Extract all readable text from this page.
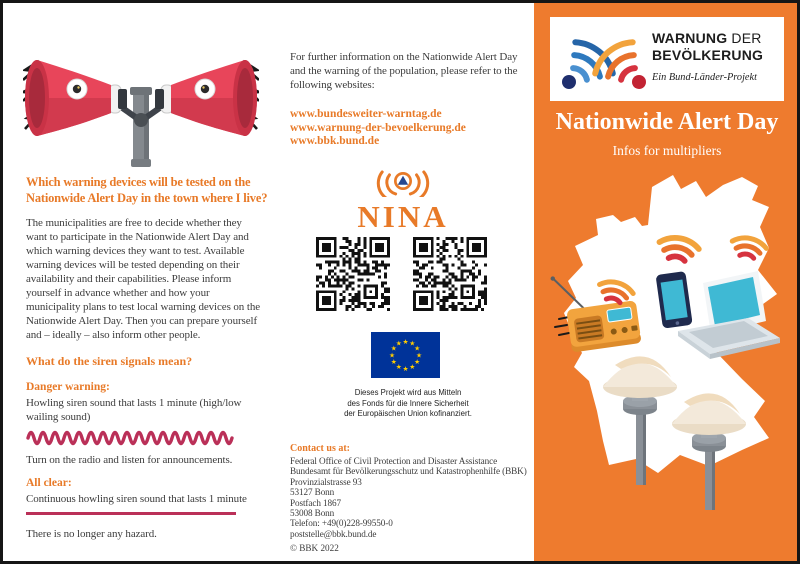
Which warning devices will be tested on the
Nationwide Alert Day in the town where I live?
The municipalities are free to decide whether they want to participate in the Nationwide Alert Day and which warning devices they want to test. Available warning devices will be tested depending on their availability and their capabilities. Please inform yourself in advance whether and how your municipality plans to test local warning devices on the Nationwide Alert Day. Then you can prepare yourself and – ideally – also inform other people.
What do the siren signals mean?
Danger warning:
Howling siren sound that lasts 1 minute (high/low wailing sound)
Turn on the radio and listen for announcements.
All clear:
Continuous howling siren sound that lasts 1 minute
There is no longer any hazard.
For further information on the Nationwide Alert Day and the warning of the population, please refer to the following websites:
www.bundesweiter-warntag.de
www.warnung-der-bevoelkerung.de
www.bbk.bund.de
NINA
★ ★
★
★
★
★
★
★
★
★
★
★
Dieses Projekt wird aus Mitteln
des Fonds für die Innere Sicherheit
der Europäischen Union kofinanziert.
Contact us at:
Federal Office of Civil Protection and Disaster Assistance
Bundesamt für Bevölkerungsschutz und Katastrophenhilfe (BBK)
Provinzialstrasse 93
53127 Bonn
Postfach 1867
53008 Bonn
Telefon: +49(0)228-99550-0
poststelle@bbk.bund.de
© BBK 2022
WARNUNG DER
BEVÖLKERUNG
Ein Bund-Länder-Projekt
Nationwide Alert Day
Infos for multipliers
